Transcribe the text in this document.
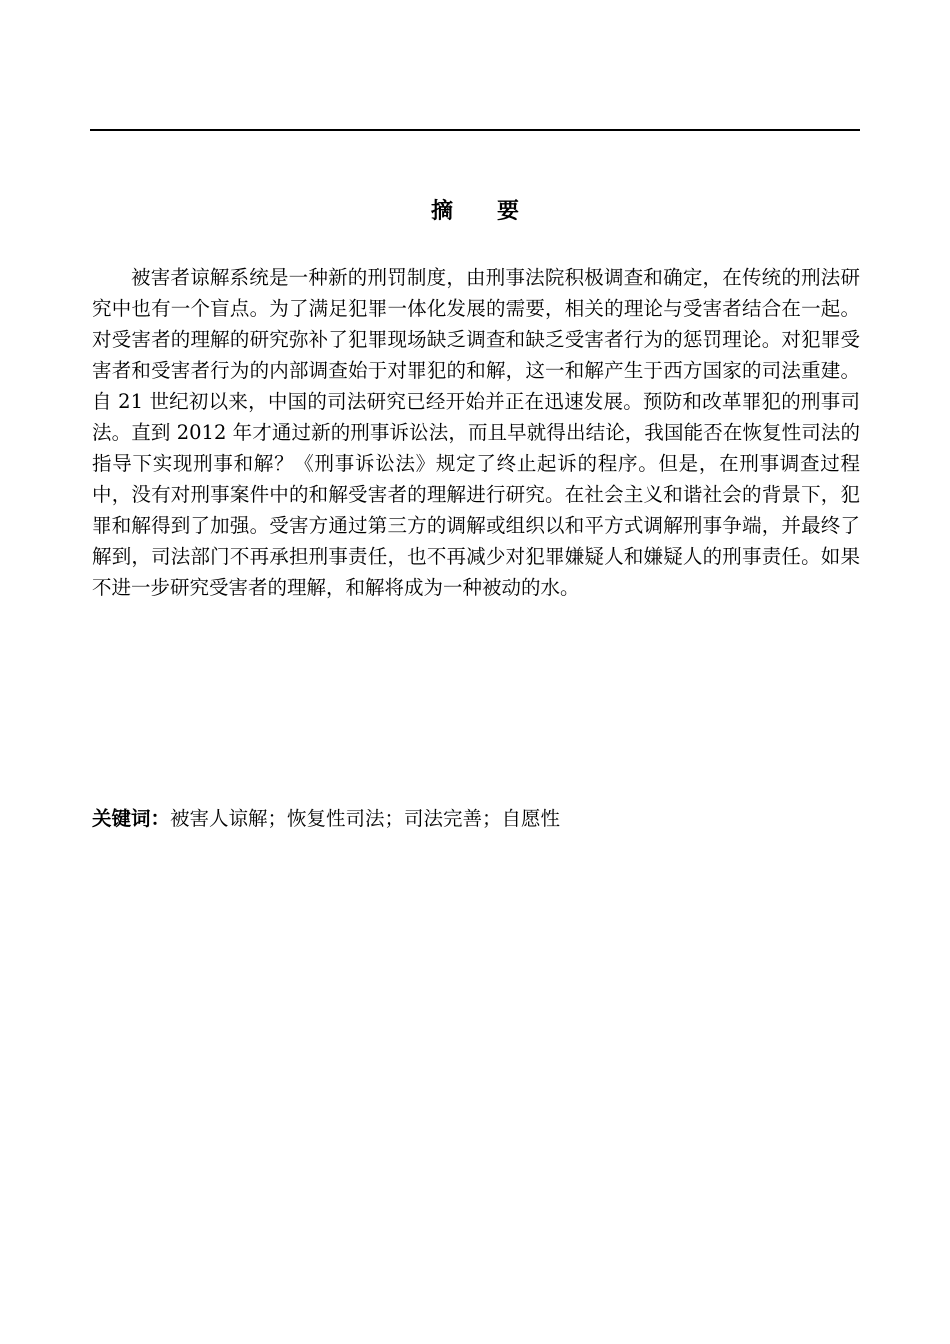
摘　　要

被害者谅解系统是一种新的刑罚制度，由刑事法院积极调查和确定，在传统的刑法研究中也有一个盲点。为了满足犯罪一体化发展的需要，相关的理论与受害者结合在一起。对受害者的理解的研究弥补了犯罪现场缺乏调查和缺乏受害者行为的惩罚理论。对犯罪受害者和受害者行为的内部调查始于对罪犯的和解，这一和解产生于西方国家的司法重建。自 21 世纪初以来，中国的司法研究已经开始并正在迅速发展。预防和改革罪犯的刑事司法。直到 2012 年才通过新的刑事诉讼法，而且早就得出结论，我国能否在恢复性司法的指导下实现刑事和解？《刑事诉讼法》规定了终止起诉的程序。但是，在刑事调查过程中，没有对刑事案件中的和解受害者的理解进行研究。在社会主义和谐社会的背景下，犯罪和解得到了加强。受害方通过第三方的调解或组织以和平方式调解刑事争端，并最终了解到，司法部门不再承担刑事责任，也不再减少对犯罪嫌疑人和嫌疑人的刑事责任。如果不进一步研究受害者的理解，和解将成为一种被动的水。

关键词：被害人谅解；恢复性司法；司法完善；自愿性
